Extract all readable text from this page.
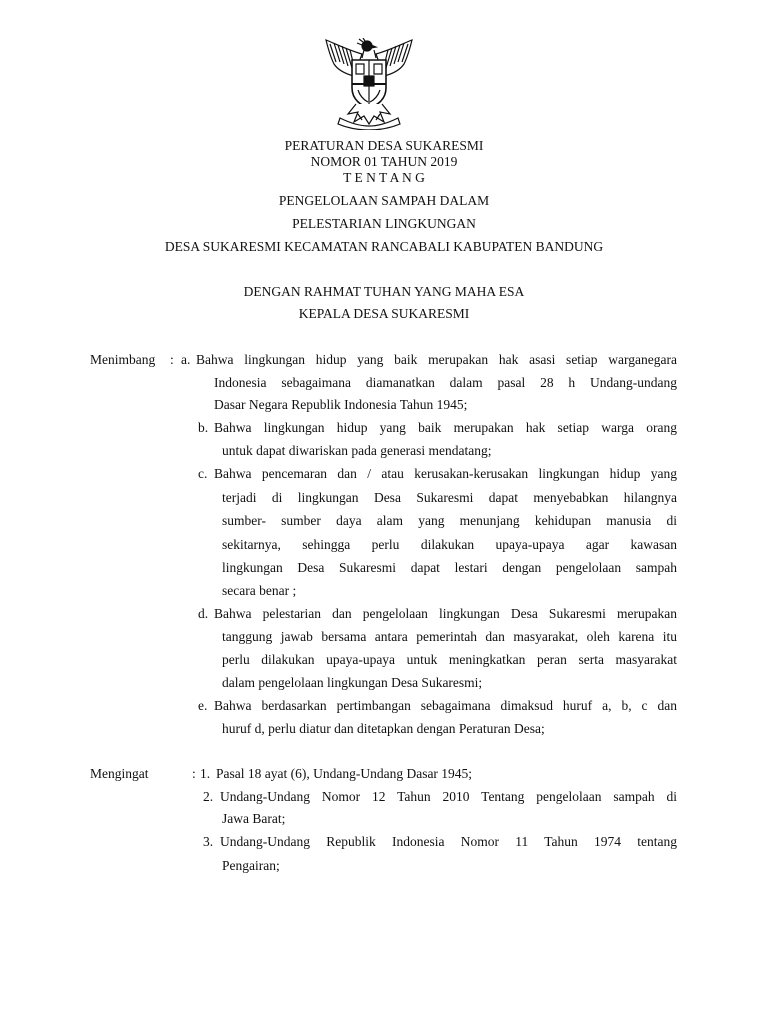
PERATURAN DESA SUKARESMI
NOMOR 01 TAHUN 2019
T E N T A N G
PENGELOLAAN SAMPAH DALAM
PELESTARIAN LINGKUNGAN
DESA SUKARESMI KECAMATAN RANCABALI KABUPATEN BANDUNG
DENGAN RAHMAT TUHAN YANG MAHA ESA
KEPALA DESA SUKARESMI
Menimbang : a. Bahwa lingkungan hidup yang baik merupakan hak asasi setiap warganegara
Indonesia sebagaimana diamanatkan dalam pasal 28 h Undang-undang
Dasar Negara Republik Indonesia Tahun 1945;
b. Bahwa lingkungan hidup yang baik merupakan hak setiap warga orang
untuk dapat diwariskan pada generasi mendatang;
c. Bahwa pencemaran dan / atau kerusakan-kerusakan lingkungan hidup yang
terjadi di lingkungan Desa Sukaresmi dapat menyebabkan hilangnya
sumber- sumber daya alam yang menunjang kehidupan manusia di
sekitarnya, sehingga perlu dilakukan upaya-upaya agar kawasan
lingkungan Desa Sukaresmi dapat lestari dengan pengelolaan sampah
secara benar ;
d. Bahwa pelestarian dan pengelolaan lingkungan Desa Sukaresmi merupakan
tanggung jawab bersama antara pemerintah dan masyarakat, oleh karena itu
perlu dilakukan upaya-upaya untuk meningkatkan peran serta masyarakat
dalam pengelolaan lingkungan Desa Sukaresmi;
e. Bahwa berdasarkan pertimbangan sebagaimana dimaksud huruf a, b, c dan
huruf d, perlu diatur dan ditetapkan dengan Peraturan Desa;
Mengingat	: 1. Pasal 18 ayat (6), Undang-Undang Dasar 1945;
2. Undang-Undang Nomor 12 Tahun 2010 Tentang pengelolaan sampah di
Jawa Barat;
3. Undang-Undang Republik Indonesia Nomor 11 Tahun 1974 tentang
Pengairan;
